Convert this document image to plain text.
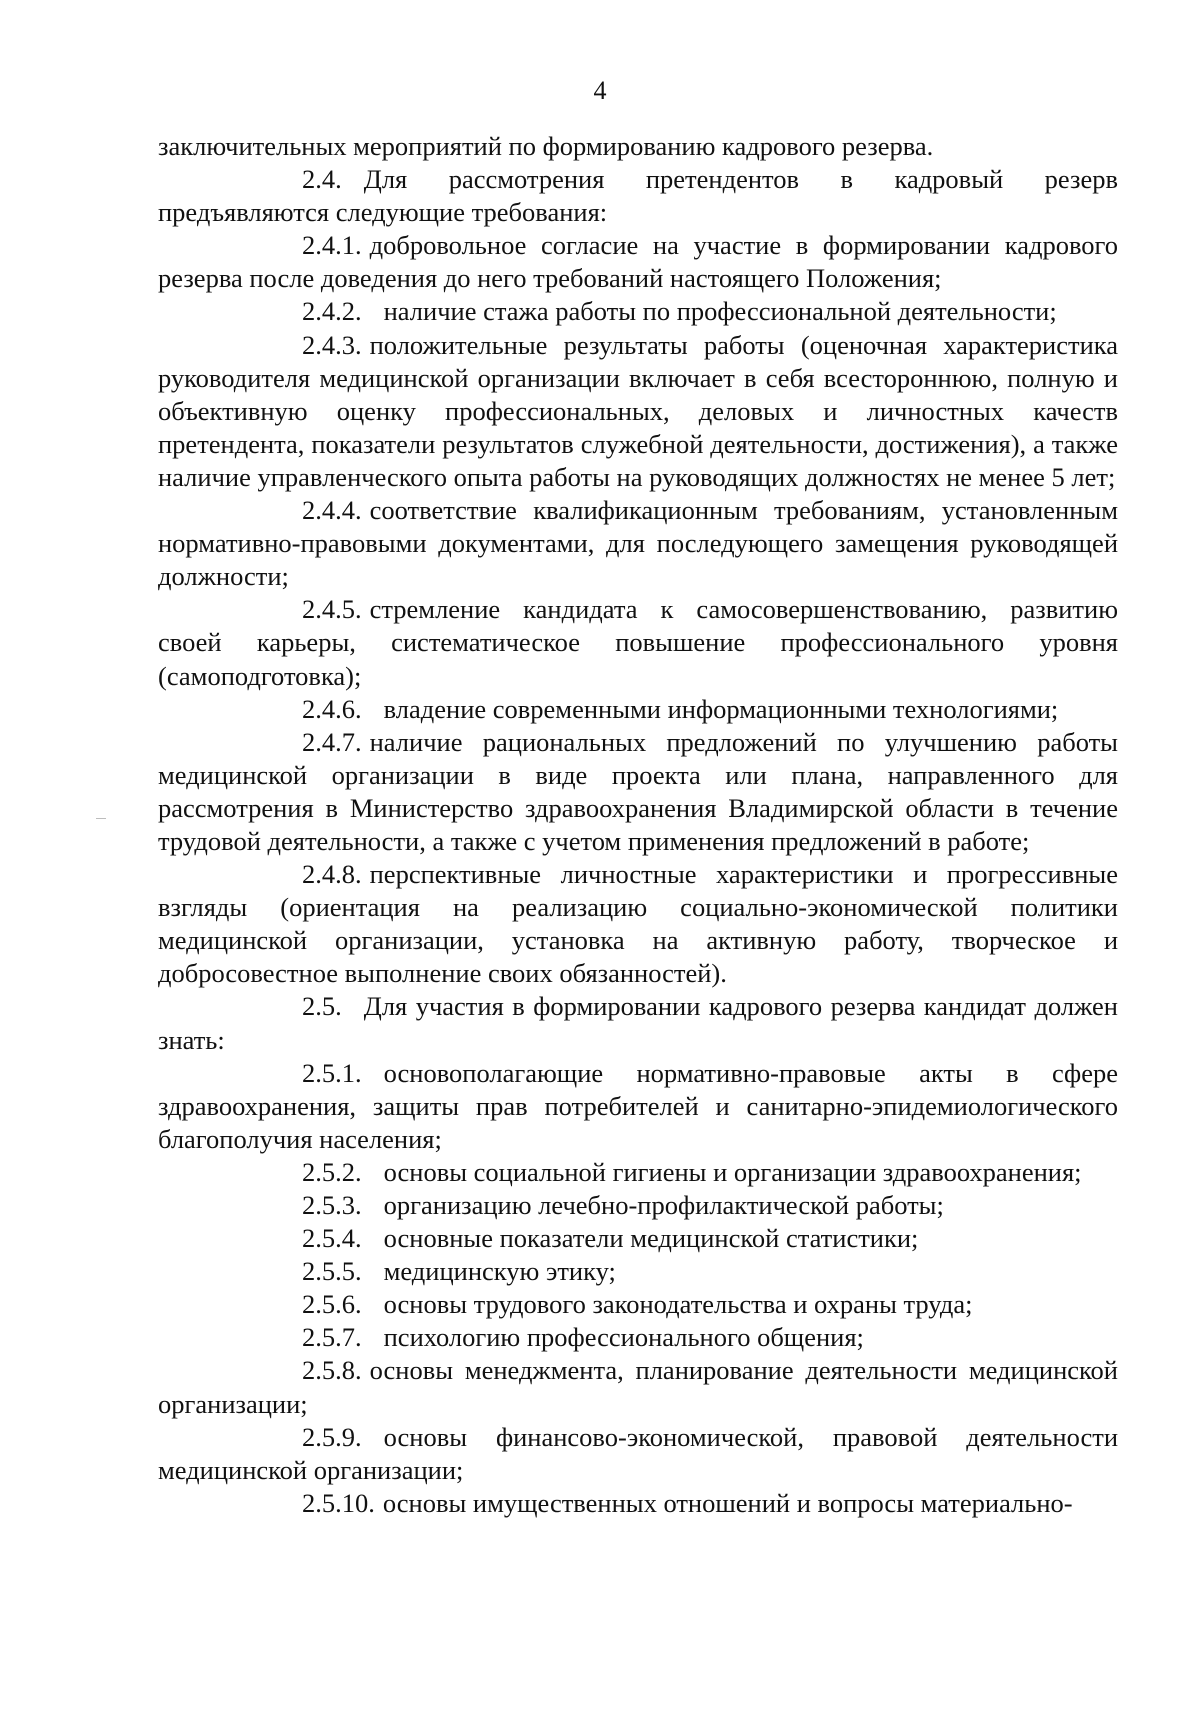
4

заключительных мероприятий по формированию кадрового резерва.

2.4. Для рассмотрения претендентов в кадровый резерв предъявляются следующие требования:

2.4.1. добровольное согласие на участие в формировании кадрового резерва после доведения до него требований настоящего Положения;

2.4.2. наличие стажа работы по профессиональной деятельности;

2.4.3. положительные результаты работы (оценочная характеристика руководителя медицинской организации включает в себя всестороннюю, полную и объективную оценку профессиональных, деловых и личностных качеств претендента, показатели результатов служебной деятельности, достижения), а также наличие управленческого опыта работы на руководящих должностях не менее 5 лет;

2.4.4. соответствие квалификационным требованиям, установленным нормативно-правовыми документами, для последующего замещения руководящей должности;

2.4.5. стремление кандидата к самосовершенствованию, развитию своей карьеры, систематическое повышение профессионального уровня (самоподготовка);

2.4.6. владение современными информационными технологиями;

2.4.7. наличие рациональных предложений по улучшению работы медицинской организации в виде проекта или плана, направленного для рассмотрения в Министерство здравоохранения Владимирской области в течение трудовой деятельности, а также с учетом применения предложений в работе;

2.4.8. перспективные личностные характеристики и прогрессивные взгляды (ориентация на реализацию социально-экономической политики медицинской организации, установка на активную работу, творческое и добросовестное выполнение своих обязанностей).

2.5. Для участия в формировании кадрового резерва кандидат должен знать:

2.5.1. основополагающие нормативно-правовые акты в сфере здравоохранения, защиты прав потребителей и санитарно-эпидемиологического благополучия населения;

2.5.2. основы социальной гигиены и организации здравоохранения;

2.5.3. организацию лечебно-профилактической работы;

2.5.4. основные показатели медицинской статистики;

2.5.5. медицинскую этику;

2.5.6. основы трудового законодательства и охраны труда;

2.5.7. психологию профессионального общения;

2.5.8. основы менеджмента, планирование деятельности медицинской организации;

2.5.9. основы финансово-экономической, правовой деятельности медицинской организации;

2.5.10. основы имущественных отношений и вопросы материально-
